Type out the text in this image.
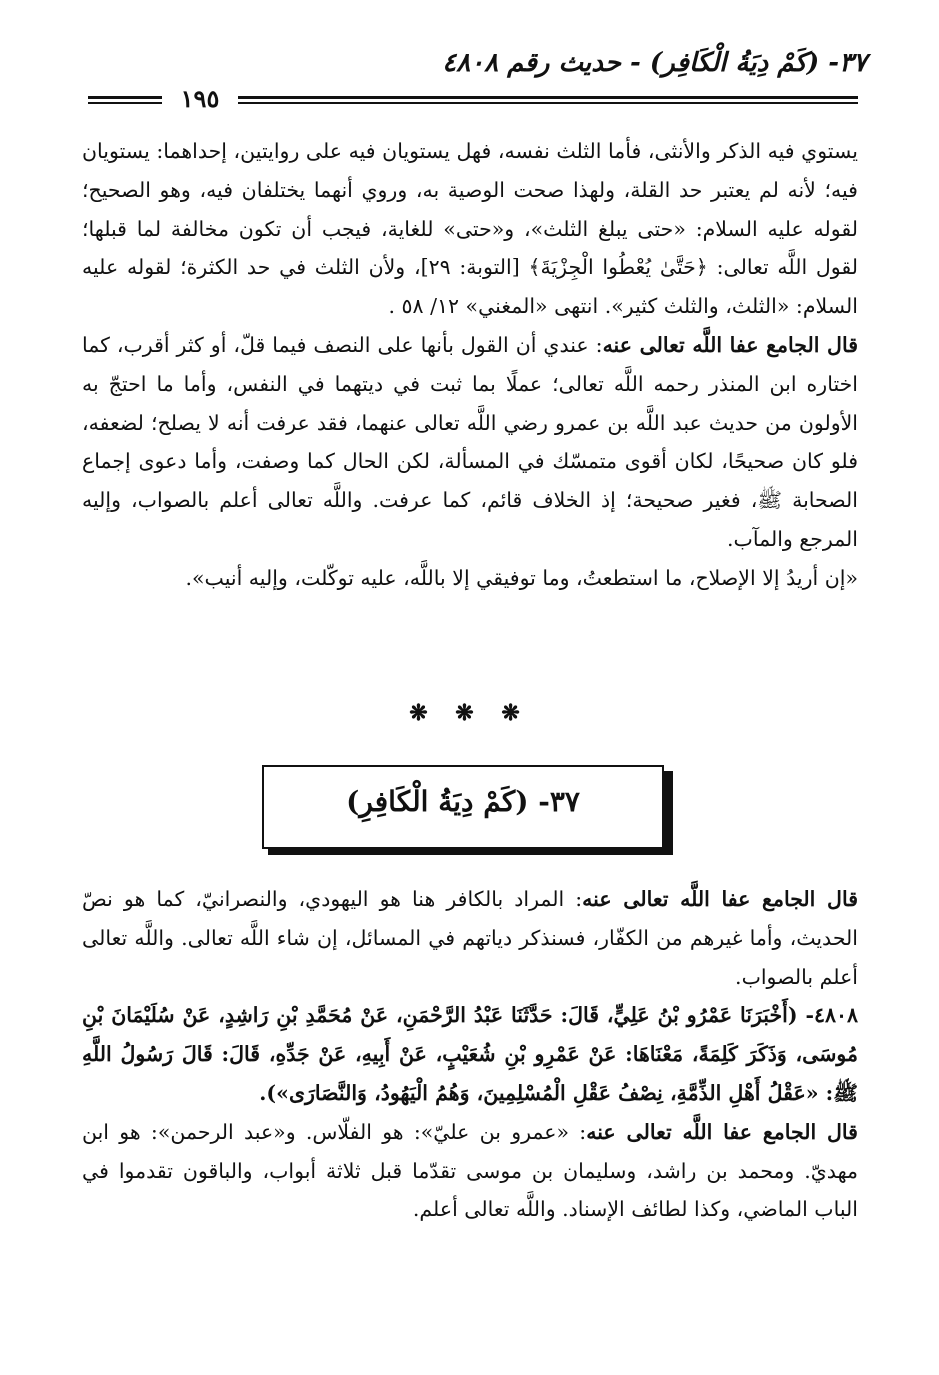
٣٧- (كَمْ دِيَةُ الْكَافِر) - حديث رقم ٤٨٠٨
١٩٥

يستوي فيه الذكر والأنثى، فأما الثلث نفسه، فهل يستويان فيه على روايتين، إحداهما: يستويان فيه؛ لأنه لم يعتبر حد القلة، ولهذا صحت الوصية به، وروي أنهما يختلفان فيه، وهو الصحيح؛ لقوله عليه السلام: «حتى يبلغ الثلث»، و«حتى» للغاية، فيجب أن تكون مخالفة لما قبلها؛ لقول اللَّه تعالى: ﴿حَتَّىٰ يُعْطُوا الْجِزْيَةَ﴾ [التوبة: ٢٩]، ولأن الثلث في حد الكثرة؛ لقوله عليه السلام: «الثلث، والثلث كثير». انتهى «المغني» ١٢/ ٥٨ .

قال الجامع عفا اللَّه تعالى عنه: عندي أن القول بأنها على النصف فيما قلّ، أو كثر أقرب، كما اختاره ابن المنذر رحمه اللَّه تعالى؛ عملًا بما ثبت في ديتهما في النفس، وأما ما احتجّ به الأولون من حديث عبد اللَّه بن عمرو رضي اللَّه تعالى عنهما، فقد عرفت أنه لا يصلح؛ لضعفه، فلو كان صحيحًا، لكان أقوى متمسّك في المسألة، لكن الحال كما وصفت، وأما دعوى إجماع الصحابة ﷺ، فغير صحيحة؛ إذ الخلاف قائم، كما عرفت. واللَّه تعالى أعلم بالصواب، وإليه المرجع والمآب.

«إن أريدُ إلا الإصلاح، ما استطعتُ، وما توفيقي إلا باللَّه، عليه توكّلت، وإليه أنيب».

❋ ❋ ❋
٣٧- (كَمْ دِيَةُ الْكَافِرِ)

قال الجامع عفا اللَّه تعالى عنه: المراد بالكافر هنا هو اليهودي، والنصرانيّ، كما هو نصّ الحديث، وأما غيرهم من الكفّار، فسنذكر دياتهم في المسائل، إن شاء اللَّه تعالى. واللَّه تعالى أعلم بالصواب.

٤٨٠٨- (أَخْبَرَنَا عَمْرُو بْنُ عَلِيٍّ، قَالَ: حَدَّثَنَا عَبْدُ الرَّحْمَنِ، عَنْ مُحَمَّدِ بْنِ رَاشِدٍ، عَنْ سُلَيْمَانَ بْنِ مُوسَى، وَذَكَرَ كَلِمَةً، مَعْنَاهَا: عَنْ عَمْرِو بْنِ شُعَيْبٍ، عَنْ أَبِيهِ، عَنْ جَدِّهِ، قَالَ: قَالَ رَسُولُ اللَّهِ ﷺ: «عَقْلُ أَهْلِ الذِّمَّةِ، نِصْفُ عَقْلِ الْمُسْلِمِينَ، وَهُمُ الْيَهُودُ، وَالنَّصَارَى»).

قال الجامع عفا اللَّه تعالى عنه: «عمرو بن عليّ»: هو الفلّاس. و«عبد الرحمن»: هو ابن مهديّ. ومحمد بن راشد، وسليمان بن موسى تقدّما قبل ثلاثة أبواب، والباقون تقدموا في الباب الماضي، وكذا لطائف الإسناد. واللَّه تعالى أعلم.
